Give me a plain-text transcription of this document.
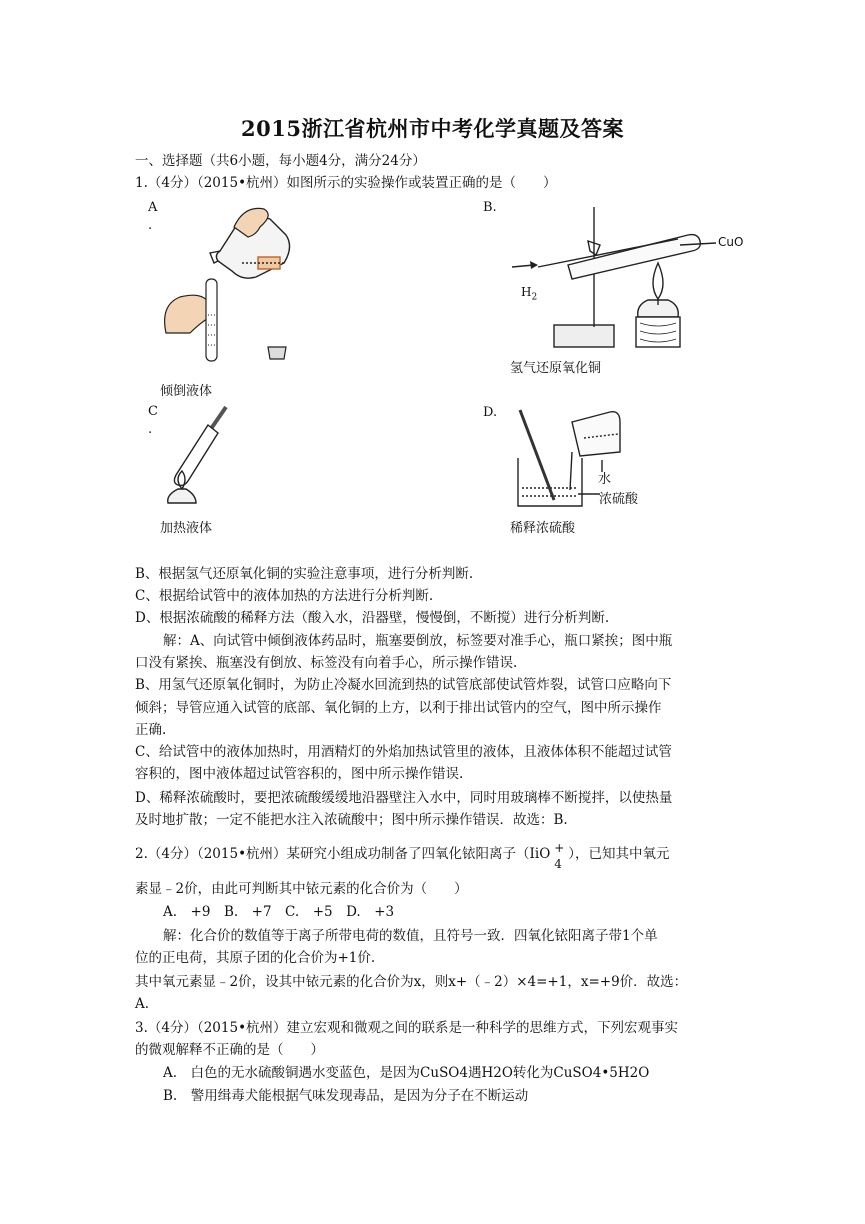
2015浙江省杭州市中考化学真题及答案
一、选择题（共6小题，每小题4分，满分24分）
1.（4分）（2015•杭州）如图所示的实验操作或装置正确的是（　　）
A
.
倾倒液体
B.
CuO
$H_2$
氢气还原氧化铜
C
.
加热液体
D.
水
浓硫酸
稀释浓硫酸
B、根据氢气还原氧化铜的实验注意事项，进行分析判断.
C、根据给试管中的液体加热的方法进行分析判断.
D、根据浓硫酸的稀释方法（酸入水，沿器壁，慢慢倒，不断搅）进行分析判断.
解：A、向试管中倾倒液体药品时，瓶塞要倒放，标签要对准手心，瓶口紧挨；图中瓶
口没有紧挨、瓶塞没有倒放、标签没有向着手心，所示操作错误.
B、用氢气还原氧化铜时，为防止冷凝水回流到热的试管底部使试管炸裂，试管口应略向下
倾斜；导管应通入试管的底部、氧化铜的上方，以利于排出试管内的空气，图中所示操作
正确.
C、给试管中的液体加热时，用酒精灯的外焰加热试管里的液体，且液体体积不能超过试管
容积的，图中液体超过试管容积的，图中所示操作错误.
D、稀释浓硫酸时，要把浓硫酸缓缓地沿器壁注入水中，同时用玻璃棒不断搅拌，以使热量
及时地扩散；一定不能把水注入浓硫酸中；图中所示操作错误．故选：B.
2.（4分）（2015•杭州）某研究小组成功制备了四氧化铱阳离子（IiO +
4
），已知其中氧元
素显﹣2价，由此可判断其中铱元素的化合价为（　　）
A.　+9　B.　+7　C.　+5　D.　+3
解：化合价的数值等于离子所带电荷的数值，且符号一致．四氧化铱阳离子带1个单
位的正电荷，其原子团的化合价为+1价.
其中氧元素显﹣2价，设其中铱元素的化合价为x，则x+（﹣2）×4=+1，x=+9价．故选：
A.
3.（4分）（2015•杭州）建立宏观和微观之间的联系是一种科学的思维方式，下列宏观事实
的微观解释不正确的是（　　）
A.　白色的无水硫酸铜遇水变蓝色，是因为CuSO4遇H2O转化为CuSO4•5H2O
B.　警用缉毒犬能根据气味发现毒品，是因为分子在不断运动
